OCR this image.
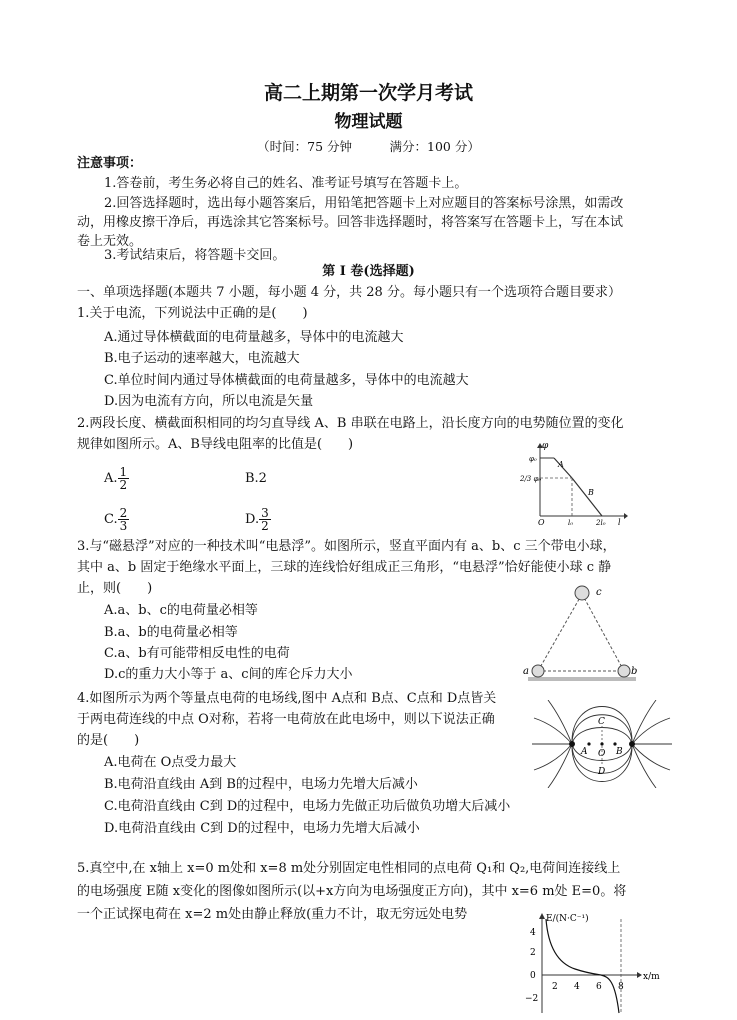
高二上期第一次学月考试
物理试题
（时间：75 分钟　　　满分：100 分）
注意事项：
1.答卷前，考生务必将自己的姓名、准考证号填写在答题卡上。
2.回答选择题时，选出每小题答案后，用铅笔把答题卡上对应题目的答案标号涂黑，如需改
动，用橡皮擦干净后，再选涂其它答案标号。回答非选择题时，将答案写在答题卡上，写在本试
卷上无效。
3.考试结束后，将答题卡交回。
第 I 卷(选择题)
一、单项选择题(本题共 7 小题，每小题 4 分，共 28 分。每小题只有一个选项符合题目要求）
1.关于电流，下列说法中正确的是(　　)
A.通过导体横截面的电荷量越多，导体中的电流越大
B.电子运动的速率越大，电流越大
C.单位时间内通过导体横截面的电荷量越多，导体中的电流越大
D.因为电流有方向，所以电流是矢量
2.两段长度、横截面积相同的均匀直导线 A、B 串联在电路上，沿长度方向的电势随位置的变化
规律如图所示。A、B导线电阻率的比值是(　　)
A. $\frac{1}{2}$	B.2
C. $\frac{2}{3}$	D. $\frac{3}{2}$
φ
φ₀
2/3 φ₀
A
B
O	l₀	2l₀ l
3.与“磁悬浮”对应的一种技术叫“电悬浮”。如图所示，竖直平面内有 a、b、c 三个带电小球，
其中 a、b 固定于绝缘水平面上，三球的连线恰好组成正三角形，“电悬浮”恰好能使小球 c 静
止，则(　　)
A.a、b、c的电荷量必相等
B.a、b的电荷量必相等
C.a、b有可能带相反电性的电荷
D.c的重力大小等于 a、c间的库仑斥力大小
c
a	b
4.如图所示为两个等量点电荷的电场线,图中 A点和 B点、C点和 D点皆关
于两电荷连线的中点 O对称，若将一电荷放在此电场中，则以下说法正确
的是(　　)
A.电荷在 O点受力最大
B.电荷沿直线由 A到 B的过程中，电场力先增大后减小
C.电荷沿直线由 C到 D的过程中，电场力先做正功后做负功增大后减小
D.电荷沿直线由 C到 D的过程中，电场力先增大后减小
C
D
A O B
5.真空中,在 x轴上 x=0 m处和 x=8 m处分别固定电性相同的点电荷 Q₁和 Q₂,电荷间连接线上
的电场强度 E随 x变化的图像如图所示(以+x方向为电场强度正方向)，其中 x=6 m处 E=0。将
一个正试探电荷在 x=2 m处由静止释放(重力不计，取无穷远处电势	E/(N·C⁻¹)
x/m
4
2
0
−2
2 4 6 8
